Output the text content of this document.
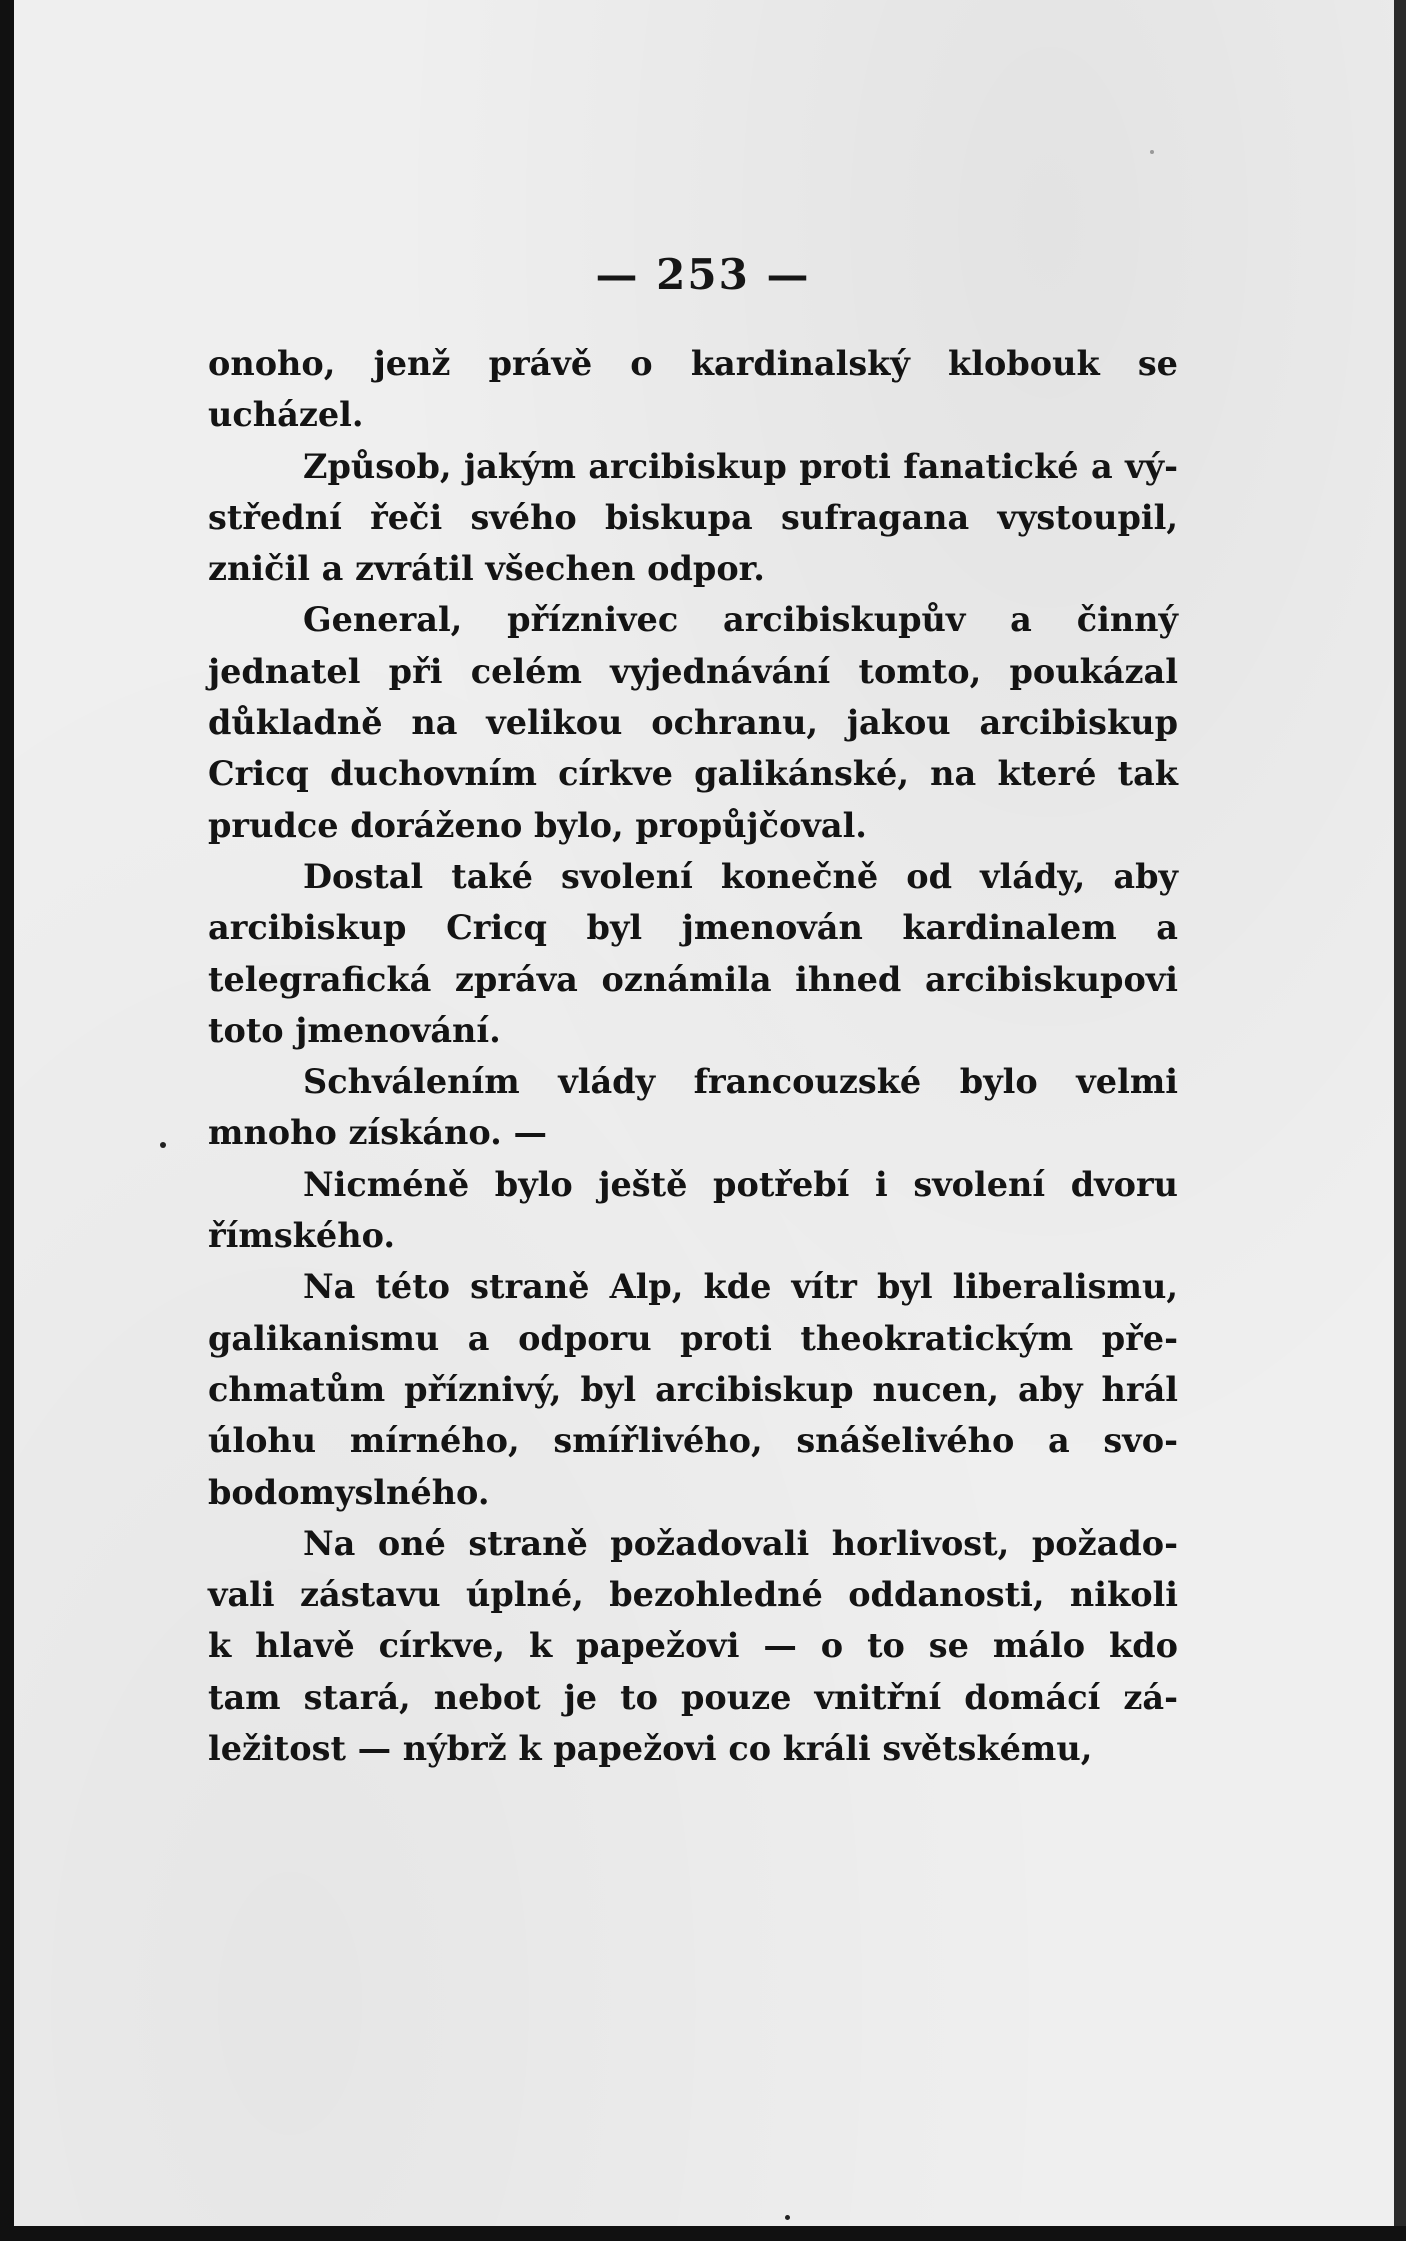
— 253 —
onoho, jenž právě o kardinalský klobouk se
ucházel.
Způsob, jakým arcibiskup proti fanatické a vý-
střední řeči svého biskupa sufragana vystoupil,
zničil a zvrátil všechen odpor.
General, příznivec arcibiskupův a činný
jednatel při celém vyjednávání tomto, poukázal
důkladně na velikou ochranu, jakou arcibiskup
Cricq duchovním církve galikánské, na které tak
prudce doráženo bylo, propůjčoval.
Dostal také svolení konečně od vlády, aby
arcibiskup Cricq byl jmenován kardinalem a
telegrafická zpráva oznámila ihned arcibiskupovi
toto jmenování.
Schválením vlády francouzské bylo velmi
mnoho získáno. —
Nicméně bylo ještě potřebí i svolení dvoru
římského.
Na této straně Alp, kde vítr byl liberalismu,
galikanismu a odporu proti theokratickým pře-
chmatům příznivý, byl arcibiskup nucen, aby hrál
úlohu mírného, smířlivého, snášelivého a svo-
bodomyslného.
Na oné straně požadovali horlivost, požado-
vali zástavu úplné, bezohledné oddanosti, nikoli
k hlavě církve, k papežovi — o to se málo kdo
tam stará, nebot je to pouze vnitřní domácí zá-
ležitost — nýbrž k papežovi co králi světskému,
